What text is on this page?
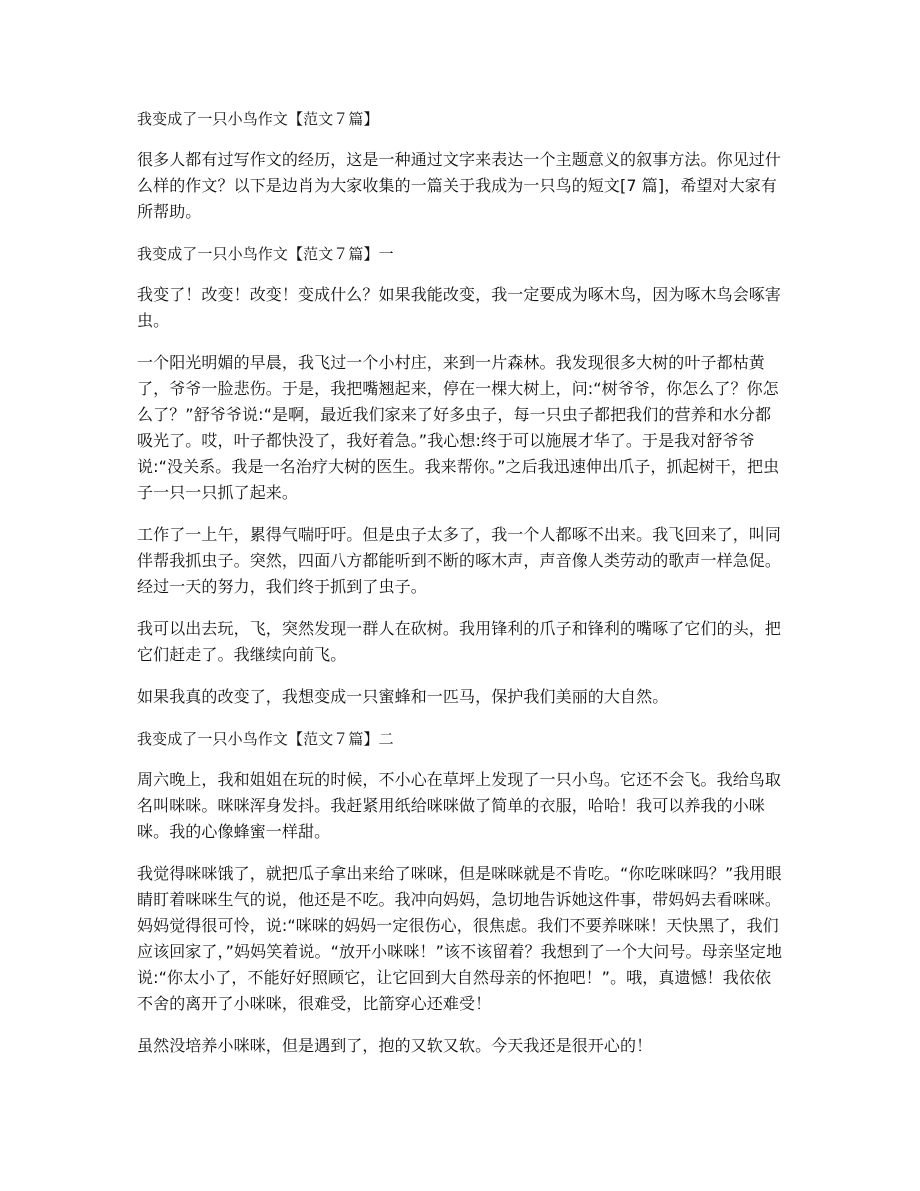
我变成了一只小鸟作文【范文７篇】
很多人都有过写作文的经历，这是一种通过文字来表达一个主题意义的叙事方法。你见过什么样的作文？以下是边肖为大家收集的一篇关于我成为一只鸟的短文[7 篇]，希望对大家有所帮助。
我变成了一只小鸟作文【范文７篇】一
我变了！改变！改变！变成什么？如果我能改变，我一定要成为啄木鸟，因为啄木鸟会啄害虫。
一个阳光明媚的早晨，我飞过一个小村庄，来到一片森林。我发现很多大树的叶子都枯黄了，爷爷一脸悲伤。于是，我把嘴翘起来，停在一棵大树上，问:“树爷爷，你怎么了？你怎么了？”舒爷爷说:“是啊，最近我们家来了好多虫子，每一只虫子都把我们的营养和水分都吸光了。哎，叶子都快没了，我好着急。”我心想:终于可以施展才华了。于是我对舒爷爷说:“没关系。我是一名治疗大树的医生。我来帮你。”之后我迅速伸出爪子，抓起树干，把虫子一只一只抓了起来。
工作了一上午，累得气喘吁吁。但是虫子太多了，我一个人都啄不出来。我飞回来了，叫同伴帮我抓虫子。突然，四面八方都能听到不断的啄木声，声音像人类劳动的歌声一样急促。经过一天的努力，我们终于抓到了虫子。
我可以出去玩，飞，突然发现一群人在砍树。我用锋利的爪子和锋利的嘴啄了它们的头，把它们赶走了。我继续向前飞。
如果我真的改变了，我想变成一只蜜蜂和一匹马，保护我们美丽的大自然。
我变成了一只小鸟作文【范文７篇】二
周六晚上，我和姐姐在玩的时候，不小心在草坪上发现了一只小鸟。它还不会飞。我给鸟取名叫咪咪。咪咪浑身发抖。我赶紧用纸给咪咪做了简单的衣服，哈哈！我可以养我的小咪咪。我的心像蜂蜜一样甜。
我觉得咪咪饿了，就把瓜子拿出来给了咪咪，但是咪咪就是不肯吃。“你吃咪咪吗？”我用眼睛盯着咪咪生气的说，他还是不吃。我冲向妈妈，急切地告诉她这件事，带妈妈去看咪咪。妈妈觉得很可怜，说:“咪咪的妈妈一定很伤心，很焦虑。我们不要养咪咪！天快黑了，我们应该回家了，”妈妈笑着说。“放开小咪咪！”该不该留着？我想到了一个大问号。母亲坚定地说:“你太小了，不能好好照顾它，让它回到大自然母亲的怀抱吧！”。哦，真遗憾！我依依不舍的离开了小咪咪，很难受，比箭穿心还难受！
虽然没培养小咪咪，但是遇到了，抱的又软又软。今天我还是很开心的！
